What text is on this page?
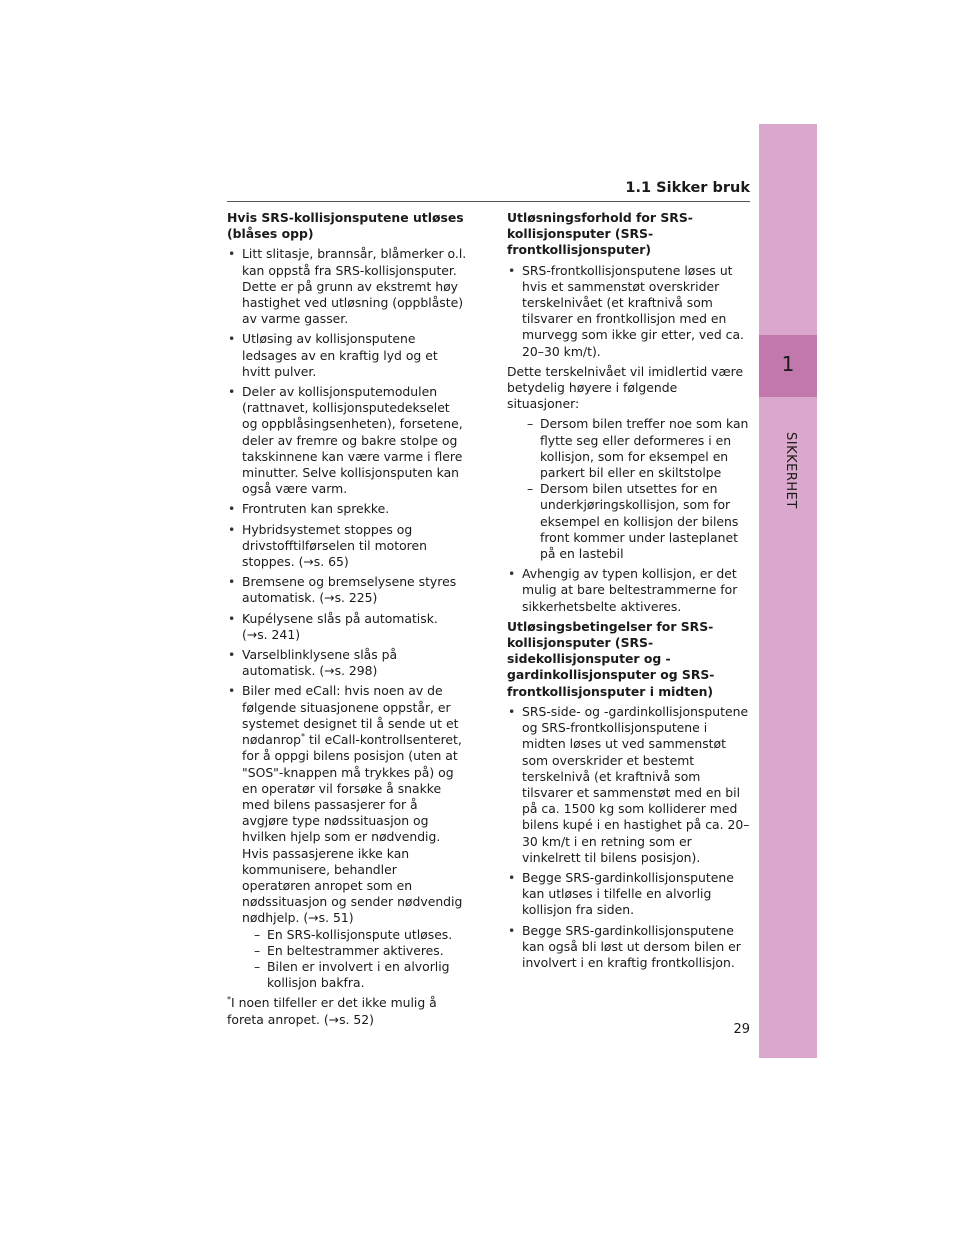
1
SIKKERHET
1.1 Sikker bruk
Hvis SRS-kollisjonsputene utløses (blåses opp)
• Litt slitasje, brannsår, blåmerker o.l. kan oppstå fra SRS-kollisjonsputer. Dette er på grunn av ekstremt høy hastighet ved utløsning (oppblåste) av varme gasser.
• Utløsing av kollisjonsputene ledsages av en kraftig lyd og et hvitt pulver.
• Deler av kollisjonsputemodulen (rattnavet, kollisjonsputedekselet og oppblåsingsenheten), forsetene, deler av fremre og bakre stolpe og takskinnene kan være varme i flere minutter. Selve kollisjonsputen kan også være varm.
• Frontruten kan sprekke.
• Hybridsystemet stoppes og drivstofftilførselen til motoren stoppes. (→s. 65)
• Bremsene og bremselysene styres automatisk. (→s. 225)
• Kupélysene slås på automatisk. (→s. 241)
• Varselblinklysene slås på automatisk. (→s. 298)
• Biler med eCall: hvis noen av de følgende situasjonene oppstår, er systemet designet til å sende ut et nødanrop* til eCall-kontrollsenteret, for å oppgi bilens posisjon (uten at "SOS"-knappen må trykkes på) og en operatør vil forsøke å snakke med bilens passasjerer for å avgjøre type nødssituasjon og hvilken hjelp som er nødvendig. Hvis passasjerene ikke kan kommunisere, behandler operatøren anropet som en nødssituasjon og sender nødvendig nødhjelp. (→s. 51)
– En SRS-kollisjonspute utløses.
– En beltestrammer aktiveres.
– Bilen er involvert i en alvorlig kollisjon bakfra.

*I noen tilfeller er det ikke mulig å foreta anropet. (→s. 52)

Utløsningsforhold for SRS-kollisjonsputer (SRS-frontkollisjonsputer)
• SRS-frontkollisjonsputene løses ut hvis et sammenstøt overskrider terskelnivået (et kraftnivå som tilsvarer en frontkollisjon med en murvegg som ikke gir etter, ved ca. 20–30 km/t).

Dette terskelnivået vil imidlertid være betydelig høyere i følgende situasjoner:

– Dersom bilen treffer noe som kan flytte seg eller deformeres i en kollisjon, som for eksempel en parkert bil eller en skiltstolpe
– Dersom bilen utsettes for en underkjøringskollisjon, som for eksempel en kollisjon der bilens front kommer under lasteplanet på en lastebil
• Avhengig av typen kollisjon, er det mulig at bare beltestrammerne for sikkerhetsbelte aktiveres.
Utløsingsbetingelser for SRS-kollisjonsputer (SRS-sidekollisjonsputer og -gardinkollisjonsputer og SRS-frontkollisjonsputer i midten)
• SRS-side- og -gardinkollisjonsputene og SRS-frontkollisjonsputene i midten løses ut ved sammenstøt som overskrider et bestemt terskelnivå (et kraftnivå som tilsvarer et sammenstøt med en bil på ca. 1500 kg som kolliderer med bilens kupé i en hastighet på ca. 20–30 km/t i en retning som er vinkelrett til bilens posisjon).
• Begge SRS-gardinkollisjonsputene kan utløses i tilfelle en alvorlig kollisjon fra siden.
• Begge SRS-gardinkollisjonsputene kan også bli løst ut dersom bilen er involvert i en kraftig frontkollisjon.
29
